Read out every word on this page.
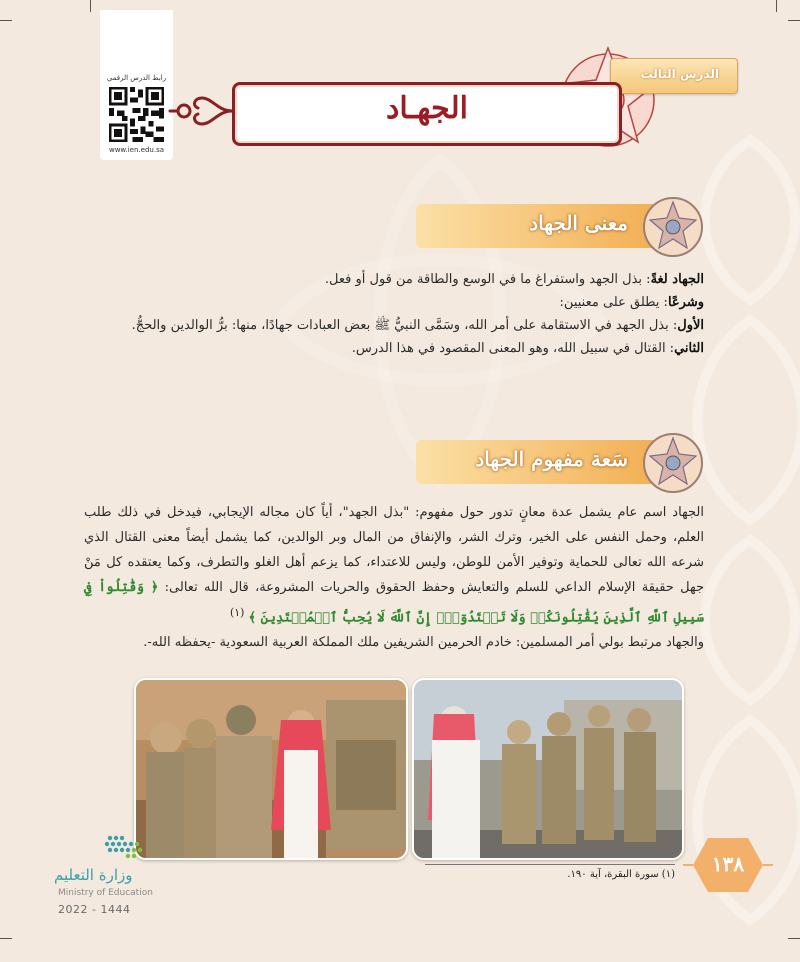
رابط الدرس الرقمي
www.ien.edu.sa
الدرس الثالث
الجهـاد
معنى الجهاد
الجهاد لغةً: بذل الجهد واستفراغ ما في الوسع والطاقة من قول أو فعل.
وشرعًا: يطلق على معنيين:
الأول: بذل الجهد في الاستقامة على أمر الله، وسَمَّى النبيُّ ﷺ بعض العبادات جهادًا، منها: برُّ الوالدين والحجُّ.
الثاني: القتال في سبيل الله، وهو المعنى المقصود في هذا الدرس.
سَعة مفهوم الجهاد
الجهاد اسم عام يشمل عدة معانٍ تدور حول مفهوم: "بذل الجهد"، أياً كان مجاله الإيجابي، فيدخل في ذلك طلب العلم، وحمل النفس على الخير، وترك الشر، والإنفاق من المال وبر الوالدين، كما يشمل أيضاً معنى القتال الذي شرعه الله تعالى للحماية وتوفير الأمن للوطن، وليس للاعتداء، كما يزعم أهل الغلو والتطرف، وكما يعتقده كل مَنْ جهل حقيقة الإسلام الداعي للسلم والتعايش وحفظ الحقوق والحريات المشروعة، قال الله تعالى: ﴿ وَقَٰتِلُواْ فِي سَبِيلِ ٱللَّهِ ٱلَّذِينَ يُقَٰتِلُونَكُمۡ وَلَا تَعۡتَدُوٓاْۚ إِنَّ ٱللَّهَ لَا يُحِبُّ ٱلۡمُعۡتَدِينَ ﴾ $^{(١)}$
والجهاد مرتبط بولي أمر المسلمين: خادم الحرمين الشريفين ملك المملكة العربية السعودية -يحفظه الله-.
(١) سورة البقرة، آية ١٩٠.	١٣٨
وزارة التعليم
Ministry of Education
2022 - 1444
